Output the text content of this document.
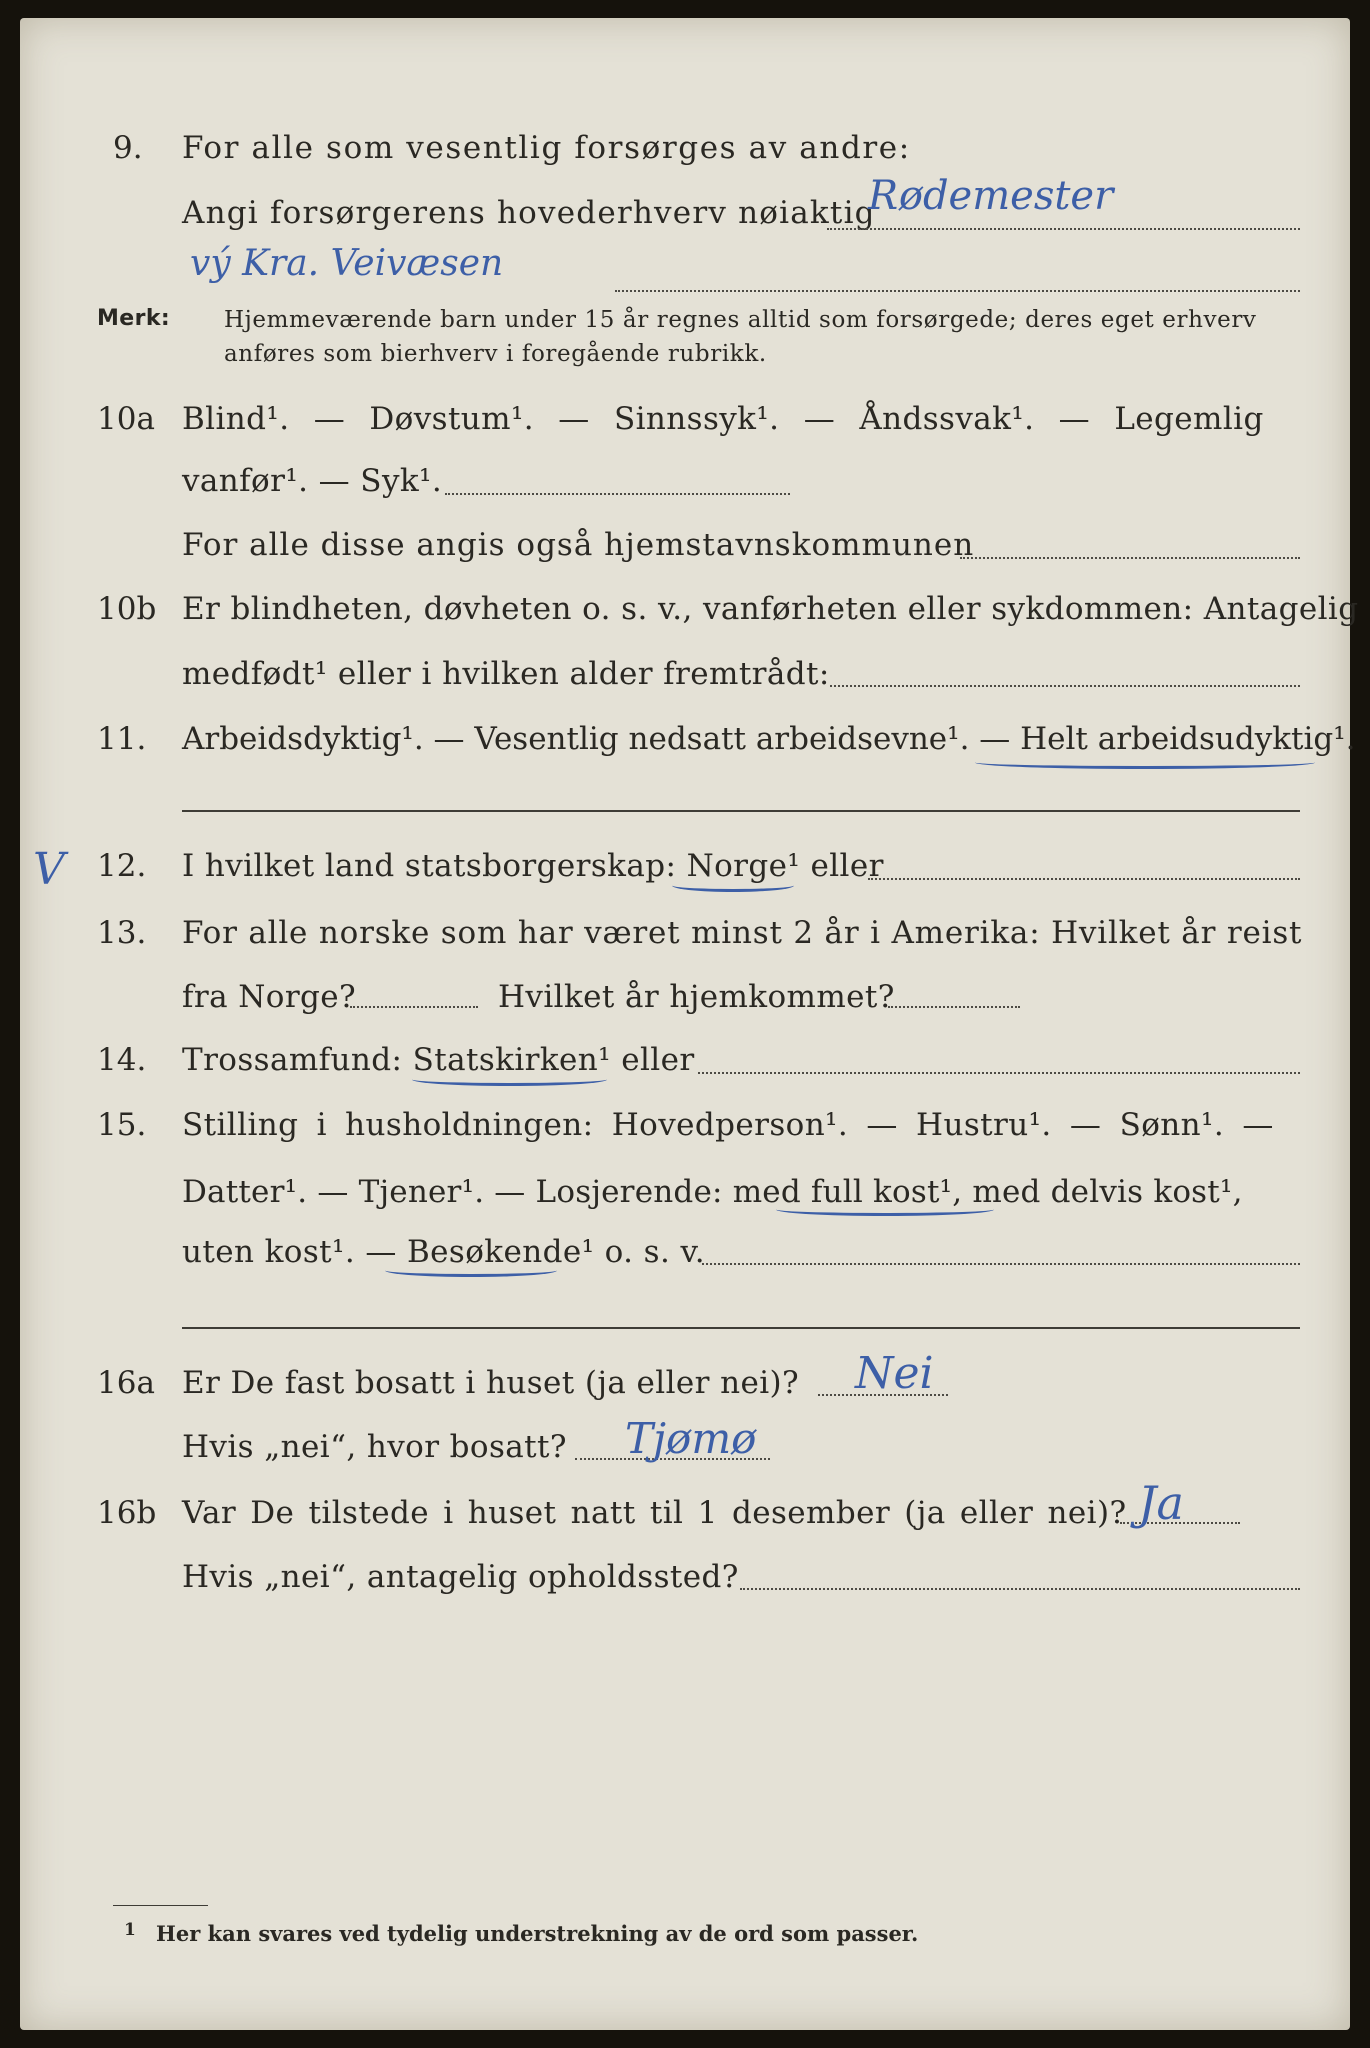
9. For alle som vesentlig forsørges av andre:
Angi forsørgerens hovederhverv nøiaktig
Rødemester
vý Kra. Veivæsen
Merk: Hjemmeværende barn under 15 år regnes alltid som forsørgede; deres eget erhverv
anføres som bierhverv i foregående rubrikk.
10a Blind¹. — Døvstum¹. — Sinnssyk¹. — Åndssvak¹. — Legemlig
vanfør¹. — Syk¹.
For alle disse angis også hjemstavnskommunen
10b Er blindheten, døvheten o. s. v., vanførheten eller sykdommen: Antagelig
medfødt¹ eller i hvilken alder fremtrådt:
11. Arbeidsdyktig¹. — Vesentlig nedsatt arbeidsevne¹. — Helt arbeidsudyktig¹.
V 12. I hvilket land statsborgerskap: Norge¹ eller
13. For alle norske som har været minst 2 år i Amerika: Hvilket år reist
fra Norge?	Hvilket år hjemkommet?
14. Trossamfund: Statskirken¹ eller
15. Stilling i husholdningen: Hovedperson¹. — Hustru¹. — Sønn¹. —
Datter¹. — Tjener¹. — Losjerende: med full kost¹, med delvis kost¹,
uten kost¹. — Besøkende¹ o. s. v.
16a Er De fast bosatt i huset (ja eller nei)? Nei
Hvis „nei“, hvor bosatt? Tjømø
16b Var De tilstede i huset natt til 1 desember (ja eller nei)? Ja
Hvis „nei“, antagelig opholdssted?
1 Her kan svares ved tydelig understrekning av de ord som passer.
